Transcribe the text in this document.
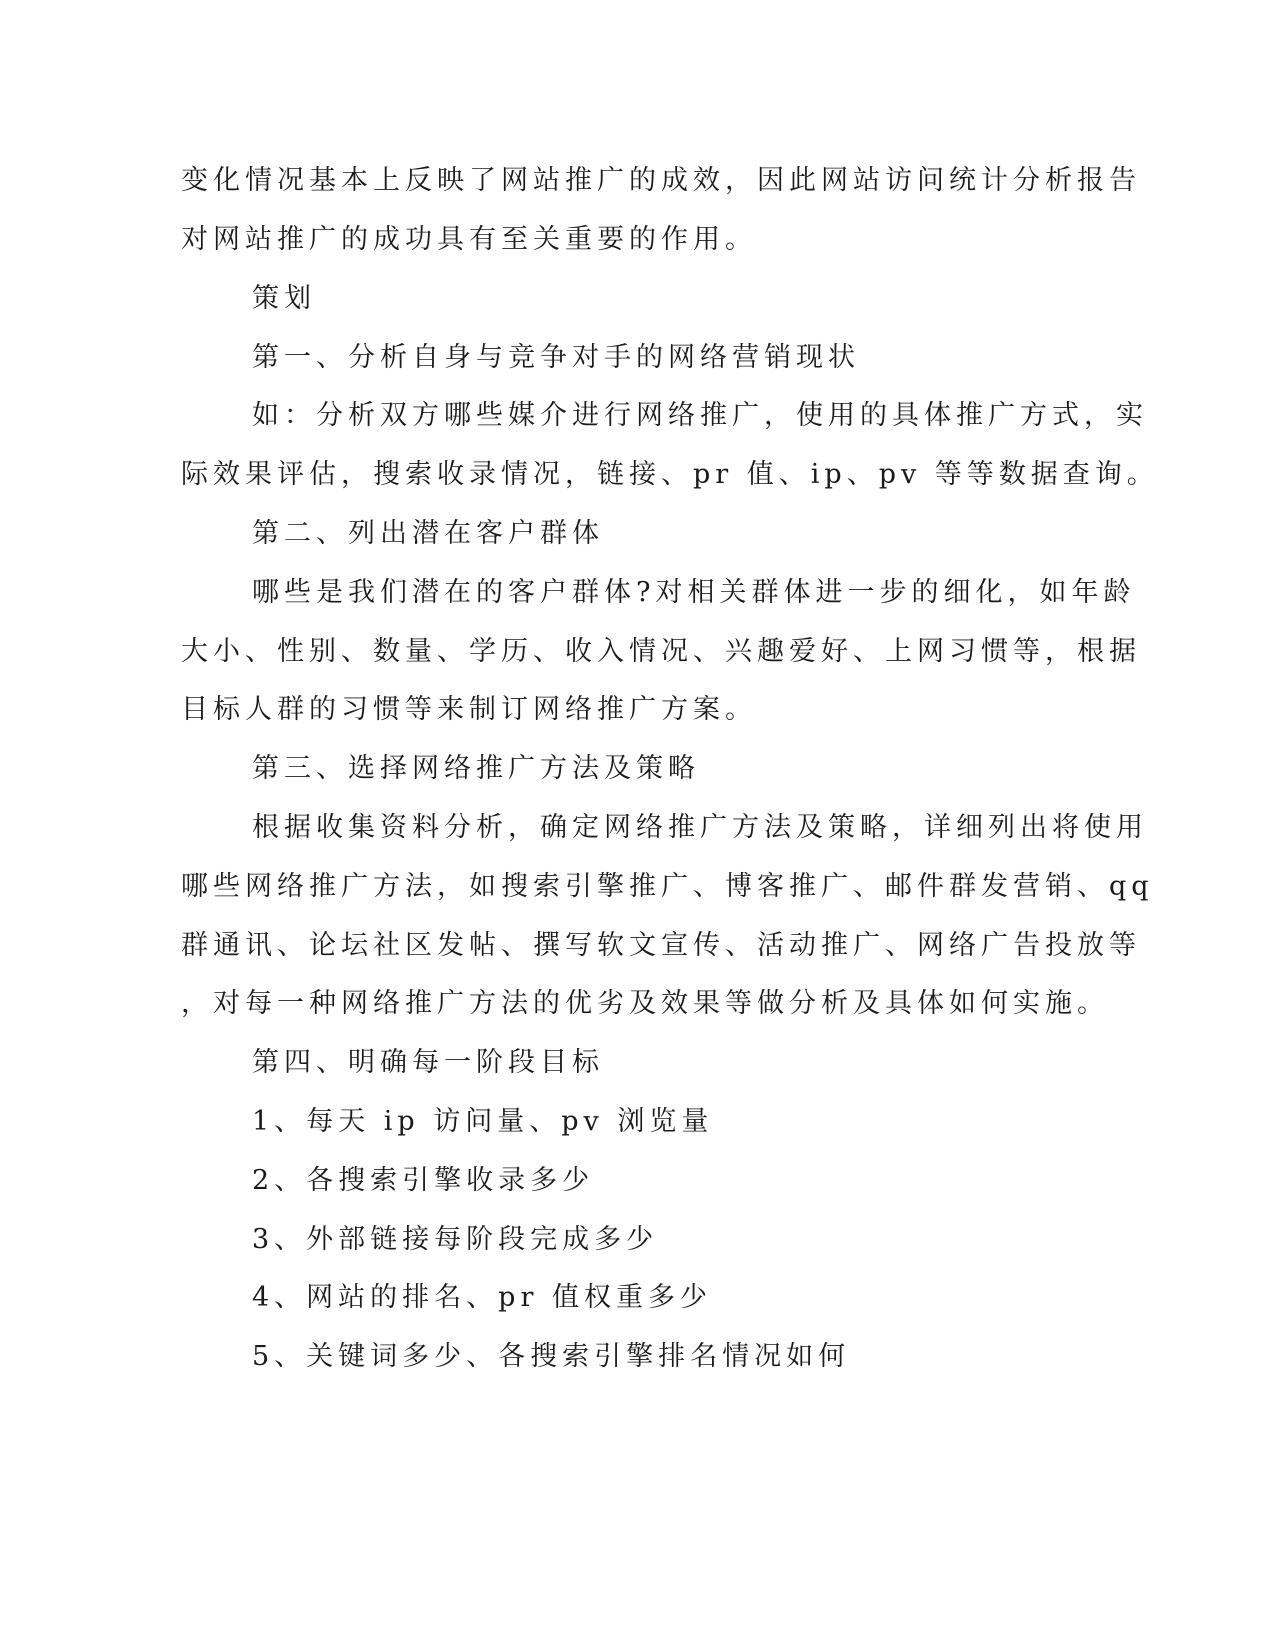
变化情况基本上反映了网站推广的成效，因此网站访问统计分析报告

对网站推广的成功具有至关重要的作用。

策划

第一、分析自身与竞争对手的网络营销现状

如：分析双方哪些媒介进行网络推广，使用的具体推广方式，实

际效果评估，搜索收录情况，链接、pr 值、ip、pv 等等数据查询。

第二、列出潜在客户群体

哪些是我们潜在的客户群体?对相关群体进一步的细化，如年龄

大小、性别、数量、学历、收入情况、兴趣爱好、上网习惯等，根据

目标人群的习惯等来制订网络推广方案。

第三、选择网络推广方法及策略

根据收集资料分析，确定网络推广方法及策略，详细列出将使用

哪些网络推广方法，如搜索引擎推广、博客推广、邮件群发营销、qq

群通讯、论坛社区发帖、撰写软文宣传、活动推广、网络广告投放等

，对每一种网络推广方法的优劣及效果等做分析及具体如何实施。

第四、明确每一阶段目标

1、每天 ip 访问量、pv 浏览量

2、各搜索引擎收录多少

3、外部链接每阶段完成多少

4、网站的排名、pr 值权重多少

5、关键词多少、各搜索引擎排名情况如何
